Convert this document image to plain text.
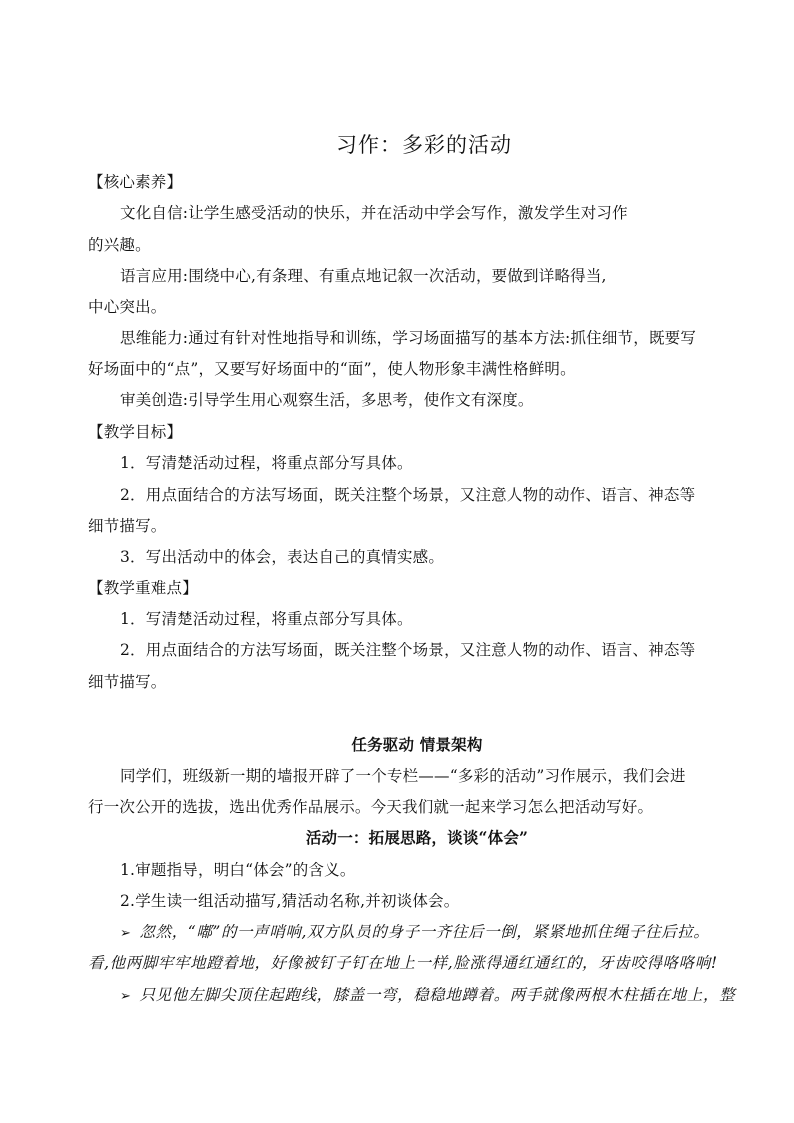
习作：多彩的活动
【核心素养】
文化自信:让学生感受活动的快乐，并在活动中学会写作，激发学生对习作
的兴趣。
语言应用:围绕中心,有条理、有重点地记叙一次活动，要做到详略得当,
中心突出。
思维能力:通过有针对性地指导和训练，学习场面描写的基本方法:抓住细节，既要写
好场面中的“点”，又要写好场面中的“面”，使人物形象丰满性格鲜明。
审美创造:引导学生用心观察生活，多思考，使作文有深度。
【教学目标】
1．写清楚活动过程，将重点部分写具体。
2．用点面结合的方法写场面，既关注整个场景，又注意人物的动作、语言、神态等
细节描写。
3．写出活动中的体会，表达自己的真情实感。
【教学重难点】
1．写清楚活动过程，将重点部分写具体。
2．用点面结合的方法写场面，既关注整个场景，又注意人物的动作、语言、神态等
细节描写。
任务驱动 情景架构
同学们，班级新一期的墙报开辟了一个专栏——“多彩的活动”习作展示，我们会进
行一次公开的选拔，选出优秀作品展示。今天我们就一起来学习怎么把活动写好。
活动一：拓展思路，谈谈“体会”
1.审题指导，明白“体会”的含义。
2.学生读一组活动描写,猜活动名称,并初谈体会。
➢ 忽然，“嘟”的一声哨响,双方队员的身子一齐往后一倒，紧紧地抓住绳子往后拉。
看,他两脚牢牢地蹬着地，好像被钉子钉在地上一样,脸涨得通红通红的，牙齿咬得咯咯响!
➢ 只见他左脚尖顶住起跑线，膝盖一弯，稳稳地蹲着。两手就像两根木柱插在地上，整
